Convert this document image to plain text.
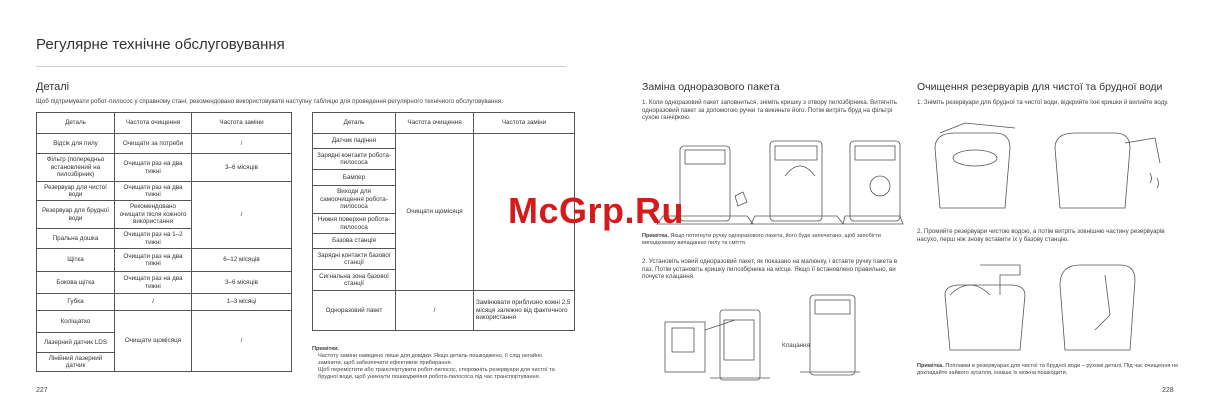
Регулярне технічне обслуговування
Деталі
Щоб підтримувати робот-пилосос у справному стані, рекомендовано використовувати наступну таблицю для проведення регулярного технічного обслуговування.
Деталь	Частота очищення	Частота заміни
Відсік для пилу	Очищати за потреби	/
Фільтр (попередньо встановлений на пилозбірник)	Очищати раз на два тижні	3–6 місяців
Резервуар для чистої води	Очищати раз на два тижні	/
Резервуар для брудної води	Рекомендовано очищати після кожного використання	
Пральна дошка	Очищати раз на 1–2 тижні	
Щітка	Очищати раз на два тижні	6–12 місяців
Бокова щітка	Очищати раз на два тижні	3–6 місяців
Губка	/	1–3 місяці
Коліщатко	Очищати щомісяця	/
Лазерний датчик LDS		
Лінійний лазерний датчик		
Деталь	Частота очищення	Частота заміни
Датчик падіння	Очищати щомісяця	
Зарядні контакти робота-пилососа		
Бампер		
Виходи для самоочищення робота-пилососа		
Нижня поверхня робота-пилососа		
Базова станція		
Зарядні контакти базової станції		
Сигнальна зона базової станції		
Одноразовий пакет	/	Замінювати приблизно кожні 2,5 місяця залежно від фактичного використання
Примітки.
Частоту заміни наведено лише для довідки. Якщо деталь пошкоджено, її слід негайно
замінити, щоб забезпечити ефективне прибирання.
Щоб перемістити або транспортувати робот-пилосос, спорожніть резервуари для чистої та
брудної води, щоб уникнути пошкодження робота-пилососа під час транспортування.
227
Заміна одноразового пакета
1. Коли одноразовий пакет заповниться, зніміть кришку з отвору пилозбірника. Витягніть одноразовий пакет за допомогою ручки та викиньте його. Потім витріть бруд на фільтрі сухою ганчіркою.
Примітка. Якщо потягнути ручку одноразового пакета, його буде запечатано, щоб запобігти випадковому випаданню пилу та сміття.
2. Установіть новий одноразовий пакет, як показано на малюнку, і вставте ручку пакета в паз. Потім установіть кришку пилозбірника на місце. Якщо її встановлено правильно, ви почуєте клацання.
Клацання
Очищення резервуарів для чистої та брудної води
1. Зніміть резервуари для брудної та чистої води, відкрийте їхні кришки й вилийте воду.
2. Промийте резервуари чистою водою, а потім витріть зовнішню частину резервуарів насухо, перш ніж знову вставити їх у базову станцію.
Примітка. Поплавки в резервуарах для чистої та брудної води – рухомі деталі. Під час очищення не докладайте зайвого зусилля, інакше їх можна пошкодити.
228
McGrp.Ru
